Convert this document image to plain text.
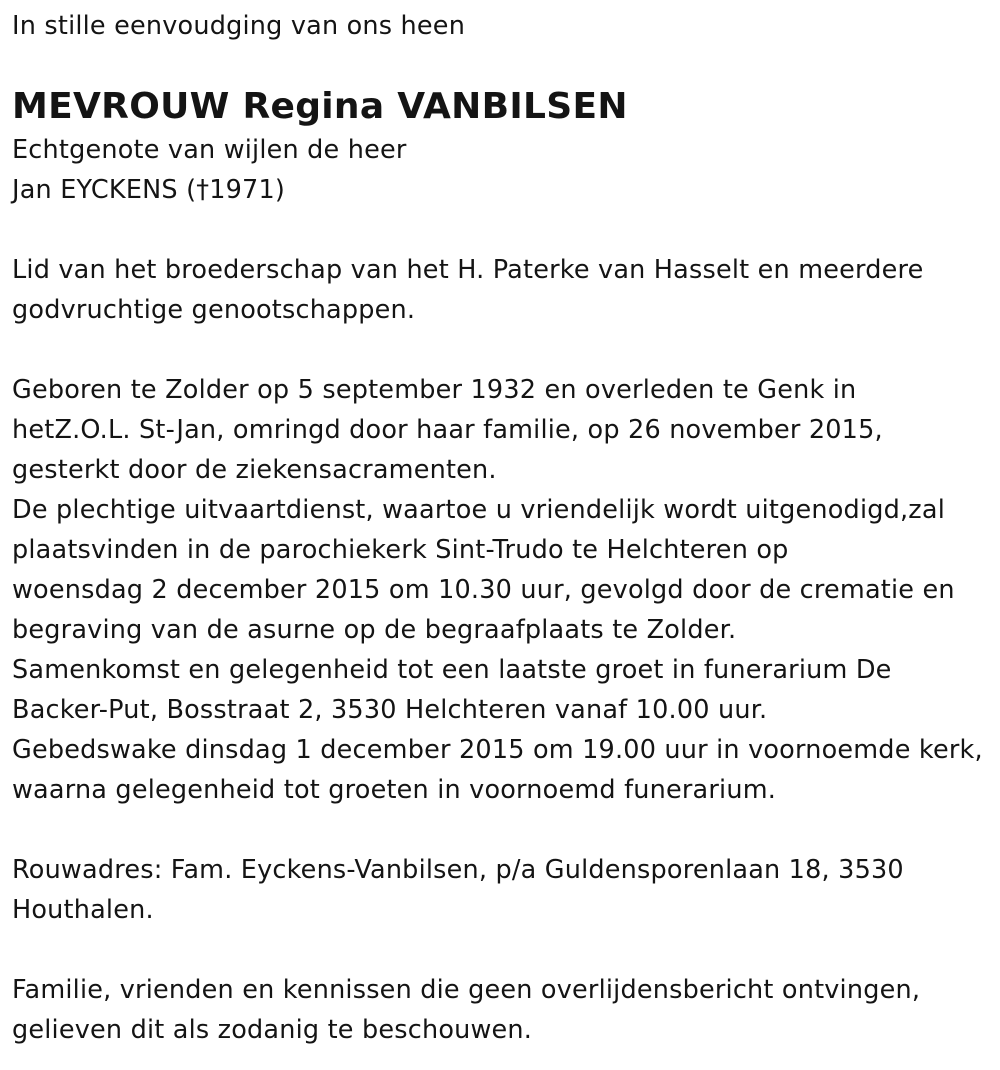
In stille eenvoudging van ons heen
MEVROUW Regina VANBILSEN
Echtgenote van wijlen de heer
Jan EYCKENS (†1971)
Lid van het broederschap van het H. Paterke van Hasselt en meerdere
godvruchtige genootschappen.
Geboren te Zolder op 5 september 1932 en overleden te Genk in
hetZ.O.L. St-Jan, omringd door haar familie, op 26 november 2015,
gesterkt door de ziekensacramenten.
De plechtige uitvaartdienst, waartoe u vriendelijk wordt uitgenodigd,zal
plaatsvinden in de parochiekerk Sint-Trudo te Helchteren op
woensdag 2 december 2015 om 10.30 uur, gevolgd door de crematie en
begraving van de asurne op de begraafplaats te Zolder.
Samenkomst en gelegenheid tot een laatste groet in funerarium De
Backer-Put, Bosstraat 2, 3530 Helchteren vanaf 10.00 uur.
Gebedswake dinsdag 1 december 2015 om 19.00 uur in voornoemde kerk,
waarna gelegenheid tot groeten in voornoemd funerarium.
Rouwadres: Fam. Eyckens-Vanbilsen, p/a Guldensporenlaan 18, 3530
Houthalen.
Familie, vrienden en kennissen die geen overlijdensbericht ontvingen,
gelieven dit als zodanig te beschouwen.
